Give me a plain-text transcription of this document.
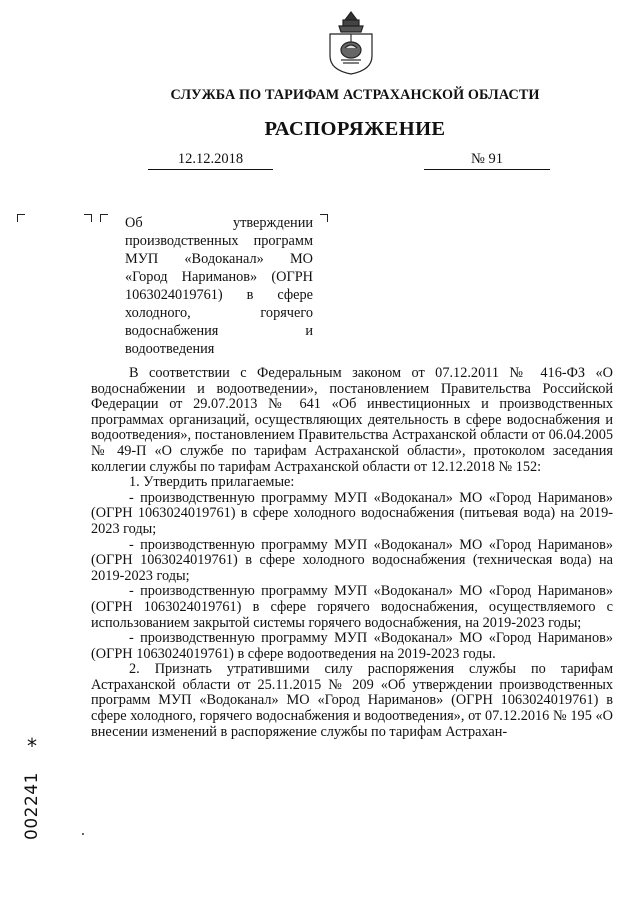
СЛУЖБА ПО ТАРИФАМ АСТРАХАНСКОЙ ОБЛАСТИ
РАСПОРЯЖЕНИЕ
12.12.2018	№ 91
Об утверждении производственных программ МУП «Водоканал» МО «Город Нариманов» (ОГРН 1063024019761) в сфере холодного, горячего водоснабжения и водоотведения

В соответствии с Федеральным законом от 07.12.2011 № 416-ФЗ «О водоснабжении и водоотведении», постановлением Правительства Российской Федерации от 29.07.2013 № 641 «Об инвестиционных и производственных программах организаций, осуществляющих деятельность в сфере водоснабжения и водоотведения», постановлением Правительства Астраханской области от 06.04.2005 № 49-П «О службе по тарифам Астраханской области», протоколом заседания коллегии службы по тарифам Астраханской области от 12.12.2018 № 152:

1. Утвердить прилагаемые:

- производственную программу МУП «Водоканал» МО «Город Нариманов» (ОГРН 1063024019761) в сфере холодного водоснабжения (питьевая вода) на 2019-2023 годы;

- производственную программу МУП «Водоканал» МО «Город Нариманов» (ОГРН 1063024019761) в сфере холодного водоснабжения (техническая вода) на 2019-2023 годы;

- производственную программу МУП «Водоканал» МО «Город Нариманов» (ОГРН 1063024019761) в сфере горячего водоснабжения, осуществляемого с использованием закрытой системы горячего водоснабжения, на 2019-2023 годы;

- производственную программу МУП «Водоканал» МО «Город Нариманов» (ОГРН 1063024019761) в сфере водоотведения на 2019-2023 годы.

2. Признать утратившими силу распоряжения службы по тарифам Астраханской области от 25.11.2015 № 209 «Об утверждении производственных программ МУП «Водоканал» МО «Город Нариманов» (ОГРН 1063024019761) в сфере холодного, горячего водоснабжения и водоотведения», от 07.12.2016 № 195 «О внесении изменений в распоряжение службы по тарифам Астрахан-

*
002241
